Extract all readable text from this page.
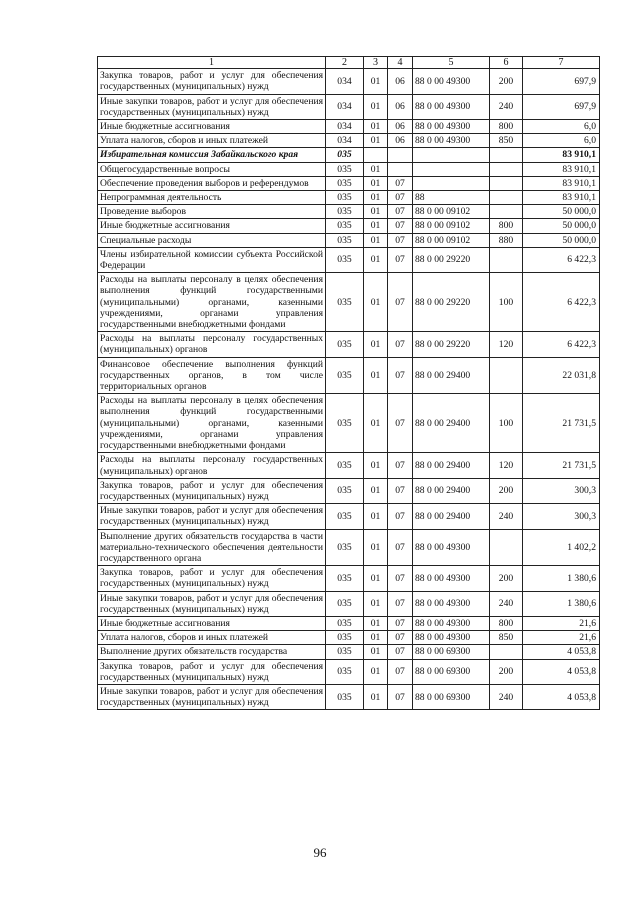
1	2	3	4	5	6	7
Закупка товаров, работ и услуг для обеспечения государственных (муниципальных) нужд	034	01	06	88 0 00 49300	200	697,9
Иные закупки товаров, работ и услуг для обеспечения государственных (муниципальных) нужд	034	01	06	88 0 00 49300	240	697,9
Иные бюджетные ассигнования	034	01	06	88 0 00 49300	800	6,0
Уплата налогов, сборов и иных платежей	034	01	06	88 0 00 49300	850	6,0
Избирательная комиссия Забайкальского края	035					83 910,1
Общегосударственные вопросы	035	01				83 910,1
Обеспечение проведения выборов и референдумов	035	01	07			83 910,1
Непрограммная деятельность	035	01	07	88		83 910,1
Проведение выборов	035	01	07	88 0 00 09102		50 000,0
Иные бюджетные ассигнования	035	01	07	88 0 00 09102	800	50 000,0
Специальные расходы	035	01	07	88 0 00 09102	880	50 000,0
Члены избирательной комиссии субъекта Российской Федерации	035	01	07	88 0 00 29220		6 422,3
Расходы на выплаты персоналу в целях обеспечения выполнения функций государственными (муниципальными) органами, казенными учреждениями, органами управления государственными внебюджетными фондами	035	01	07	88 0 00 29220	100	6 422,3
Расходы на выплаты персоналу государственных (муниципальных) органов	035	01	07	88 0 00 29220	120	6 422,3
Финансовое обеспечение выполнения функций государственных органов, в том числе территориальных органов	035	01	07	88 0 00 29400		22 031,8
Расходы на выплаты персоналу в целях обеспечения выполнения функций государственными (муниципальными) органами, казенными учреждениями, органами управления государственными внебюджетными фондами	035	01	07	88 0 00 29400	100	21 731,5
Расходы на выплаты персоналу государственных (муниципальных) органов	035	01	07	88 0 00 29400	120	21 731,5
Закупка товаров, работ и услуг для обеспечения государственных (муниципальных) нужд	035	01	07	88 0 00 29400	200	300,3
Иные закупки товаров, работ и услуг для обеспечения государственных (муниципальных) нужд	035	01	07	88 0 00 29400	240	300,3
Выполнение других обязательств государства в части материально-технического обеспечения деятельности государственного органа	035	01	07	88 0 00 49300		1 402,2
Закупка товаров, работ и услуг для обеспечения государственных (муниципальных) нужд	035	01	07	88 0 00 49300	200	1 380,6
Иные закупки товаров, работ и услуг для обеспечения государственных (муниципальных) нужд	035	01	07	88 0 00 49300	240	1 380,6
Иные бюджетные ассигнования	035	01	07	88 0 00 49300	800	21,6
Уплата налогов, сборов и иных платежей	035	01	07	88 0 00 49300	850	21,6
Выполнение других обязательств государства	035	01	07	88 0 00 69300		4 053,8
Закупка товаров, работ и услуг для обеспечения государственных (муниципальных) нужд	035	01	07	88 0 00 69300	200	4 053,8
Иные закупки товаров, работ и услуг для обеспечения государственных (муниципальных) нужд	035	01	07	88 0 00 69300	240	4 053,8
96
